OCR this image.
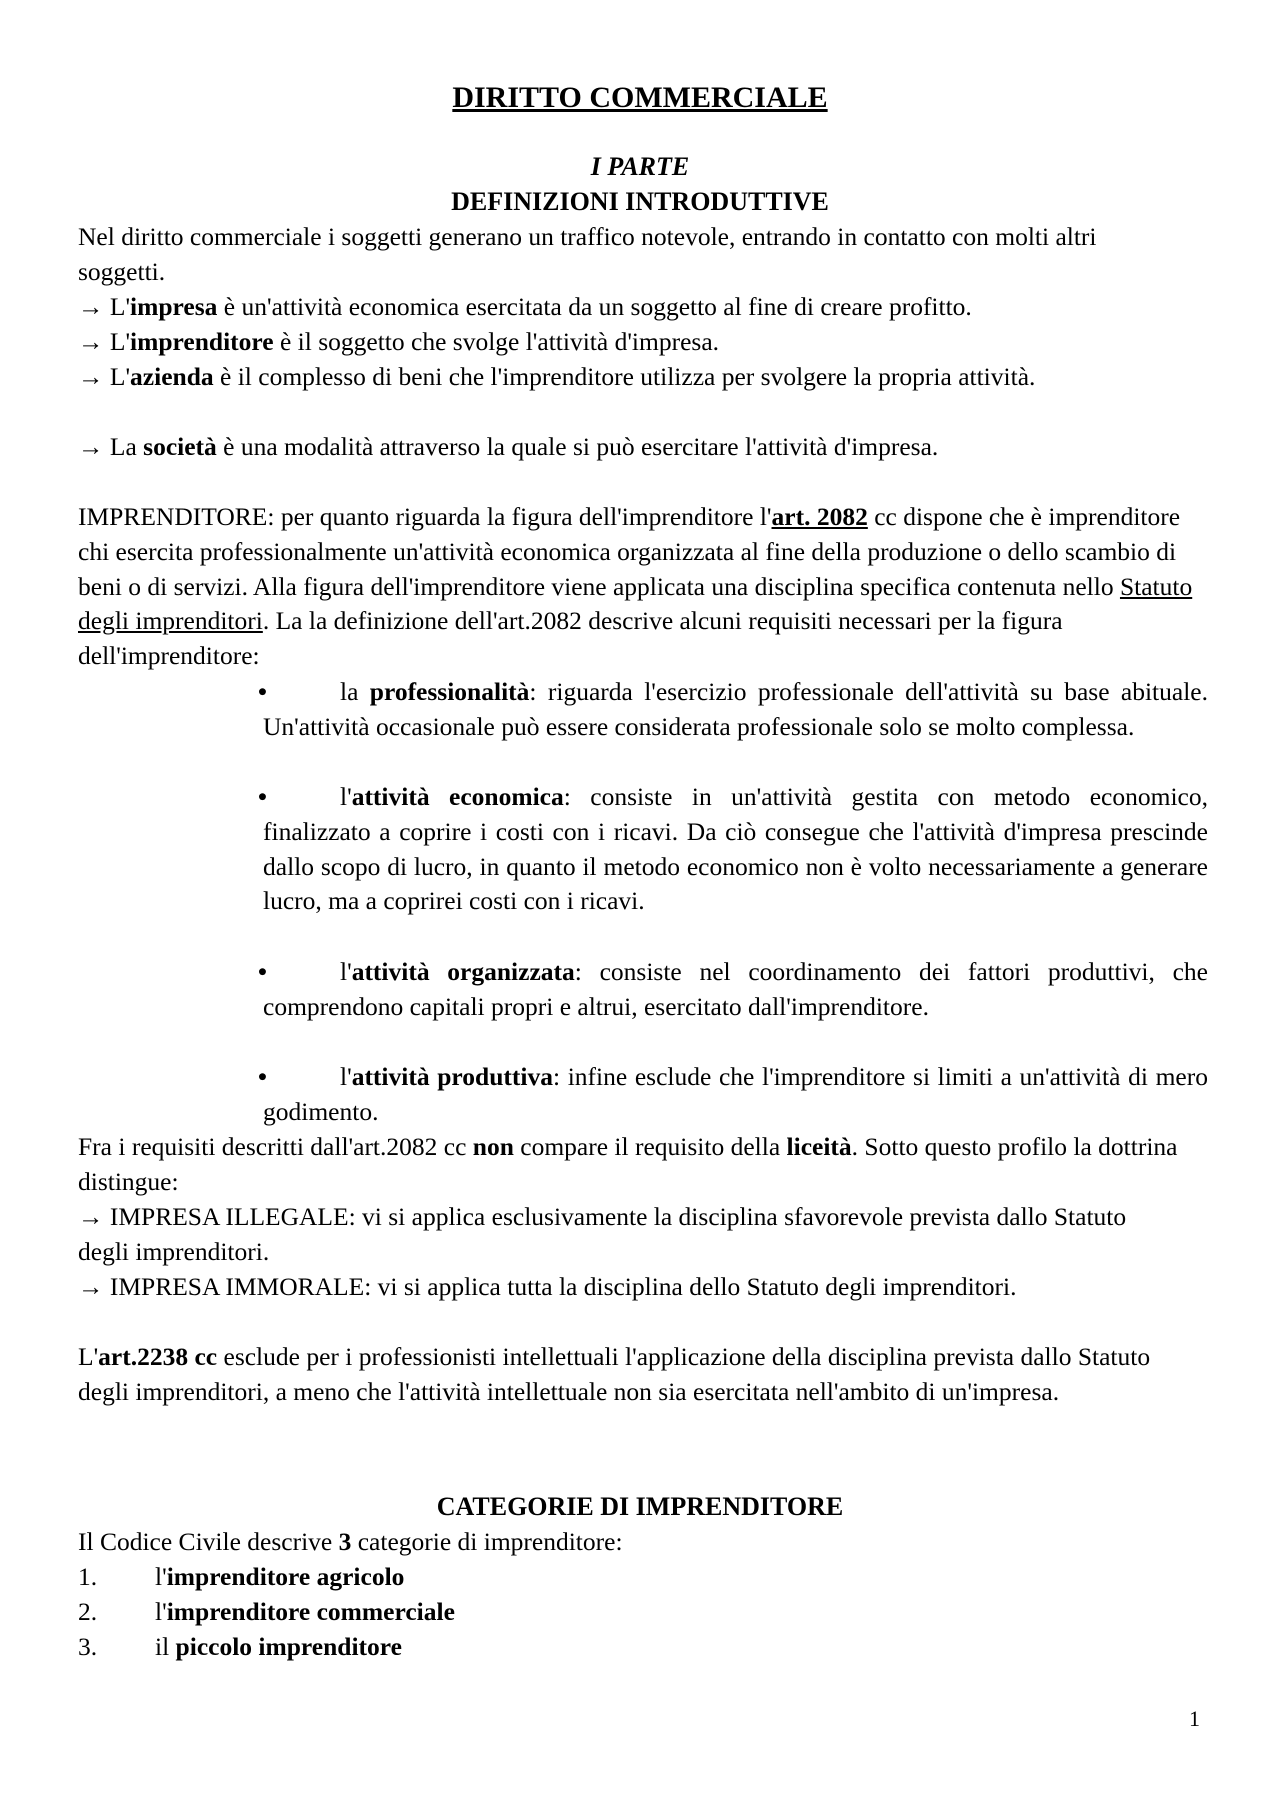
DIRITTO COMMERCIALE
I PARTE
DEFINIZIONI INTRODUTTIVE
Nel diritto commerciale i soggetti generano un traffico notevole, entrando in contatto con molti altri soggetti.
→ L'impresa è un'attività economica esercitata da un soggetto al fine di creare profitto.
→ L'imprenditore è il soggetto che svolge l'attività d'impresa.
→ L'azienda è il complesso di beni che l'imprenditore utilizza per svolgere la propria attività.
→ La società è una modalità attraverso la quale si può esercitare l'attività d'impresa.
IMPRENDITORE: per quanto riguarda la figura dell'imprenditore l'art. 2082 cc dispone che è imprenditore chi esercita professionalmente un'attività economica organizzata al fine della produzione o dello scambio di beni o di servizi. Alla figura dell'imprenditore viene applicata una disciplina specifica contenuta nello Statuto degli imprenditori. La la definizione dell'art.2082 descrive alcuni requisiti necessari per la figura dell'imprenditore:
•	la professionalità: riguarda l'esercizio professionale dell'attività su base abituale. Un'attività occasionale può essere considerata professionale solo se molto complessa.
•	l'attività economica: consiste in un'attività gestita con metodo economico, finalizzato a coprire i costi con i ricavi. Da ciò consegue che l'attività d'impresa prescinde dallo scopo di lucro, in quanto il metodo economico non è volto necessariamente a generare lucro, ma a coprirei costi con i ricavi.
•	l'attività organizzata: consiste nel coordinamento dei fattori produttivi, che comprendono capitali propri e altrui, esercitato dall'imprenditore.
•	l'attività produttiva: infine esclude che l'imprenditore si limiti a un'attività di mero godimento.
Fra i requisiti descritti dall'art.2082 cc non compare il requisito della liceità. Sotto questo profilo la dottrina distingue:
→ IMPRESA ILLEGALE: vi si applica esclusivamente la disciplina sfavorevole prevista dallo Statuto degli imprenditori.
→ IMPRESA IMMORALE: vi si applica tutta la disciplina dello Statuto degli imprenditori.
L'art.2238 cc esclude per i professionisti intellettuali l'applicazione della disciplina prevista dallo Statuto degli imprenditori, a meno che l'attività intellettuale non sia esercitata nell'ambito di un'impresa.
CATEGORIE DI IMPRENDITORE
Il Codice Civile descrive 3 categorie di imprenditore:
1. l'imprenditore agricolo
2. l'imprenditore commerciale
3. il piccolo imprenditore
1
